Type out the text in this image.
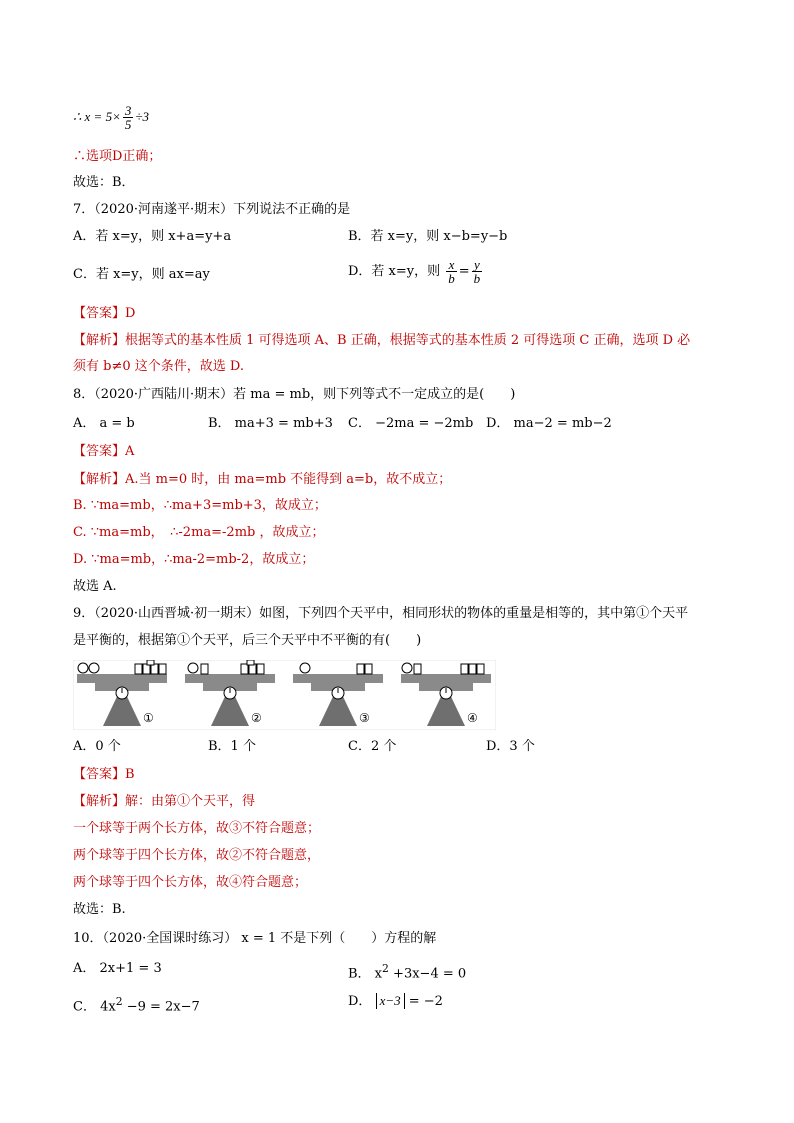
∴ $x = 5\times \frac{3}{5} \div 3$
∴选项D正确；
故选：B．
7．（2020·河南遂平·期末）下列说法不正确的是
A．若 x=y，则 x+a=y+a	B．若 x=y，则 x−b=y−b
C．若 x=y，则 ax=ay	D．若 x=y，则 $\frac{x}{b} = \frac{y}{b}$
【答案】D
【解析】根据等式的基本性质 1 可得选项 A、B 正确，根据等式的基本性质 2 可得选项 C 正确，选项 D 必
须有 b≠0 这个条件，故选 D.
8．（2020·广西陆川·期末）若 ma = mb，则下列等式不一定成立的是(　　)
A． a = b	B． ma+3 = mb+3 C． −2ma = −2mb D． ma−2 = mb−2
【答案】A
【解析】A.当 m=0 时，由 ma=mb 不能得到 a=b，故不成立；
B. ∵ma=mb，∴ma+3=mb+3，故成立；
C. ∵ma=mb，　∴-2ma=-2mb ，故成立；
D. ∵ma=mb，∴ma-2=mb-2，故成立；
故选 A.
9．（2020·山西晋城·初一期末）如图，下列四个天平中，相同形状的物体的重量是相等的，其中第①个天平
是平衡的，根据第①个天平，后三个天平中不平衡的有(　　)
①	②	③	④
A．0 个	B．1 个	C．2 个	D．3 个
【答案】B
【解析】解：由第①个天平，得
一个球等于两个长方体，故③不符合题意；
两个球等于四个长方体，故②不符合题意，
两个球等于四个长方体，故④符合题意；
故选：B.
10．（2020·全国课时练习） x = 1 不是下列（　　）方程的解
A． 2x+1 = 3	B． $x^2 +3x-4 = 0$
C． $4x^2 -9 = 2x-7$	D． x−3 = −2
